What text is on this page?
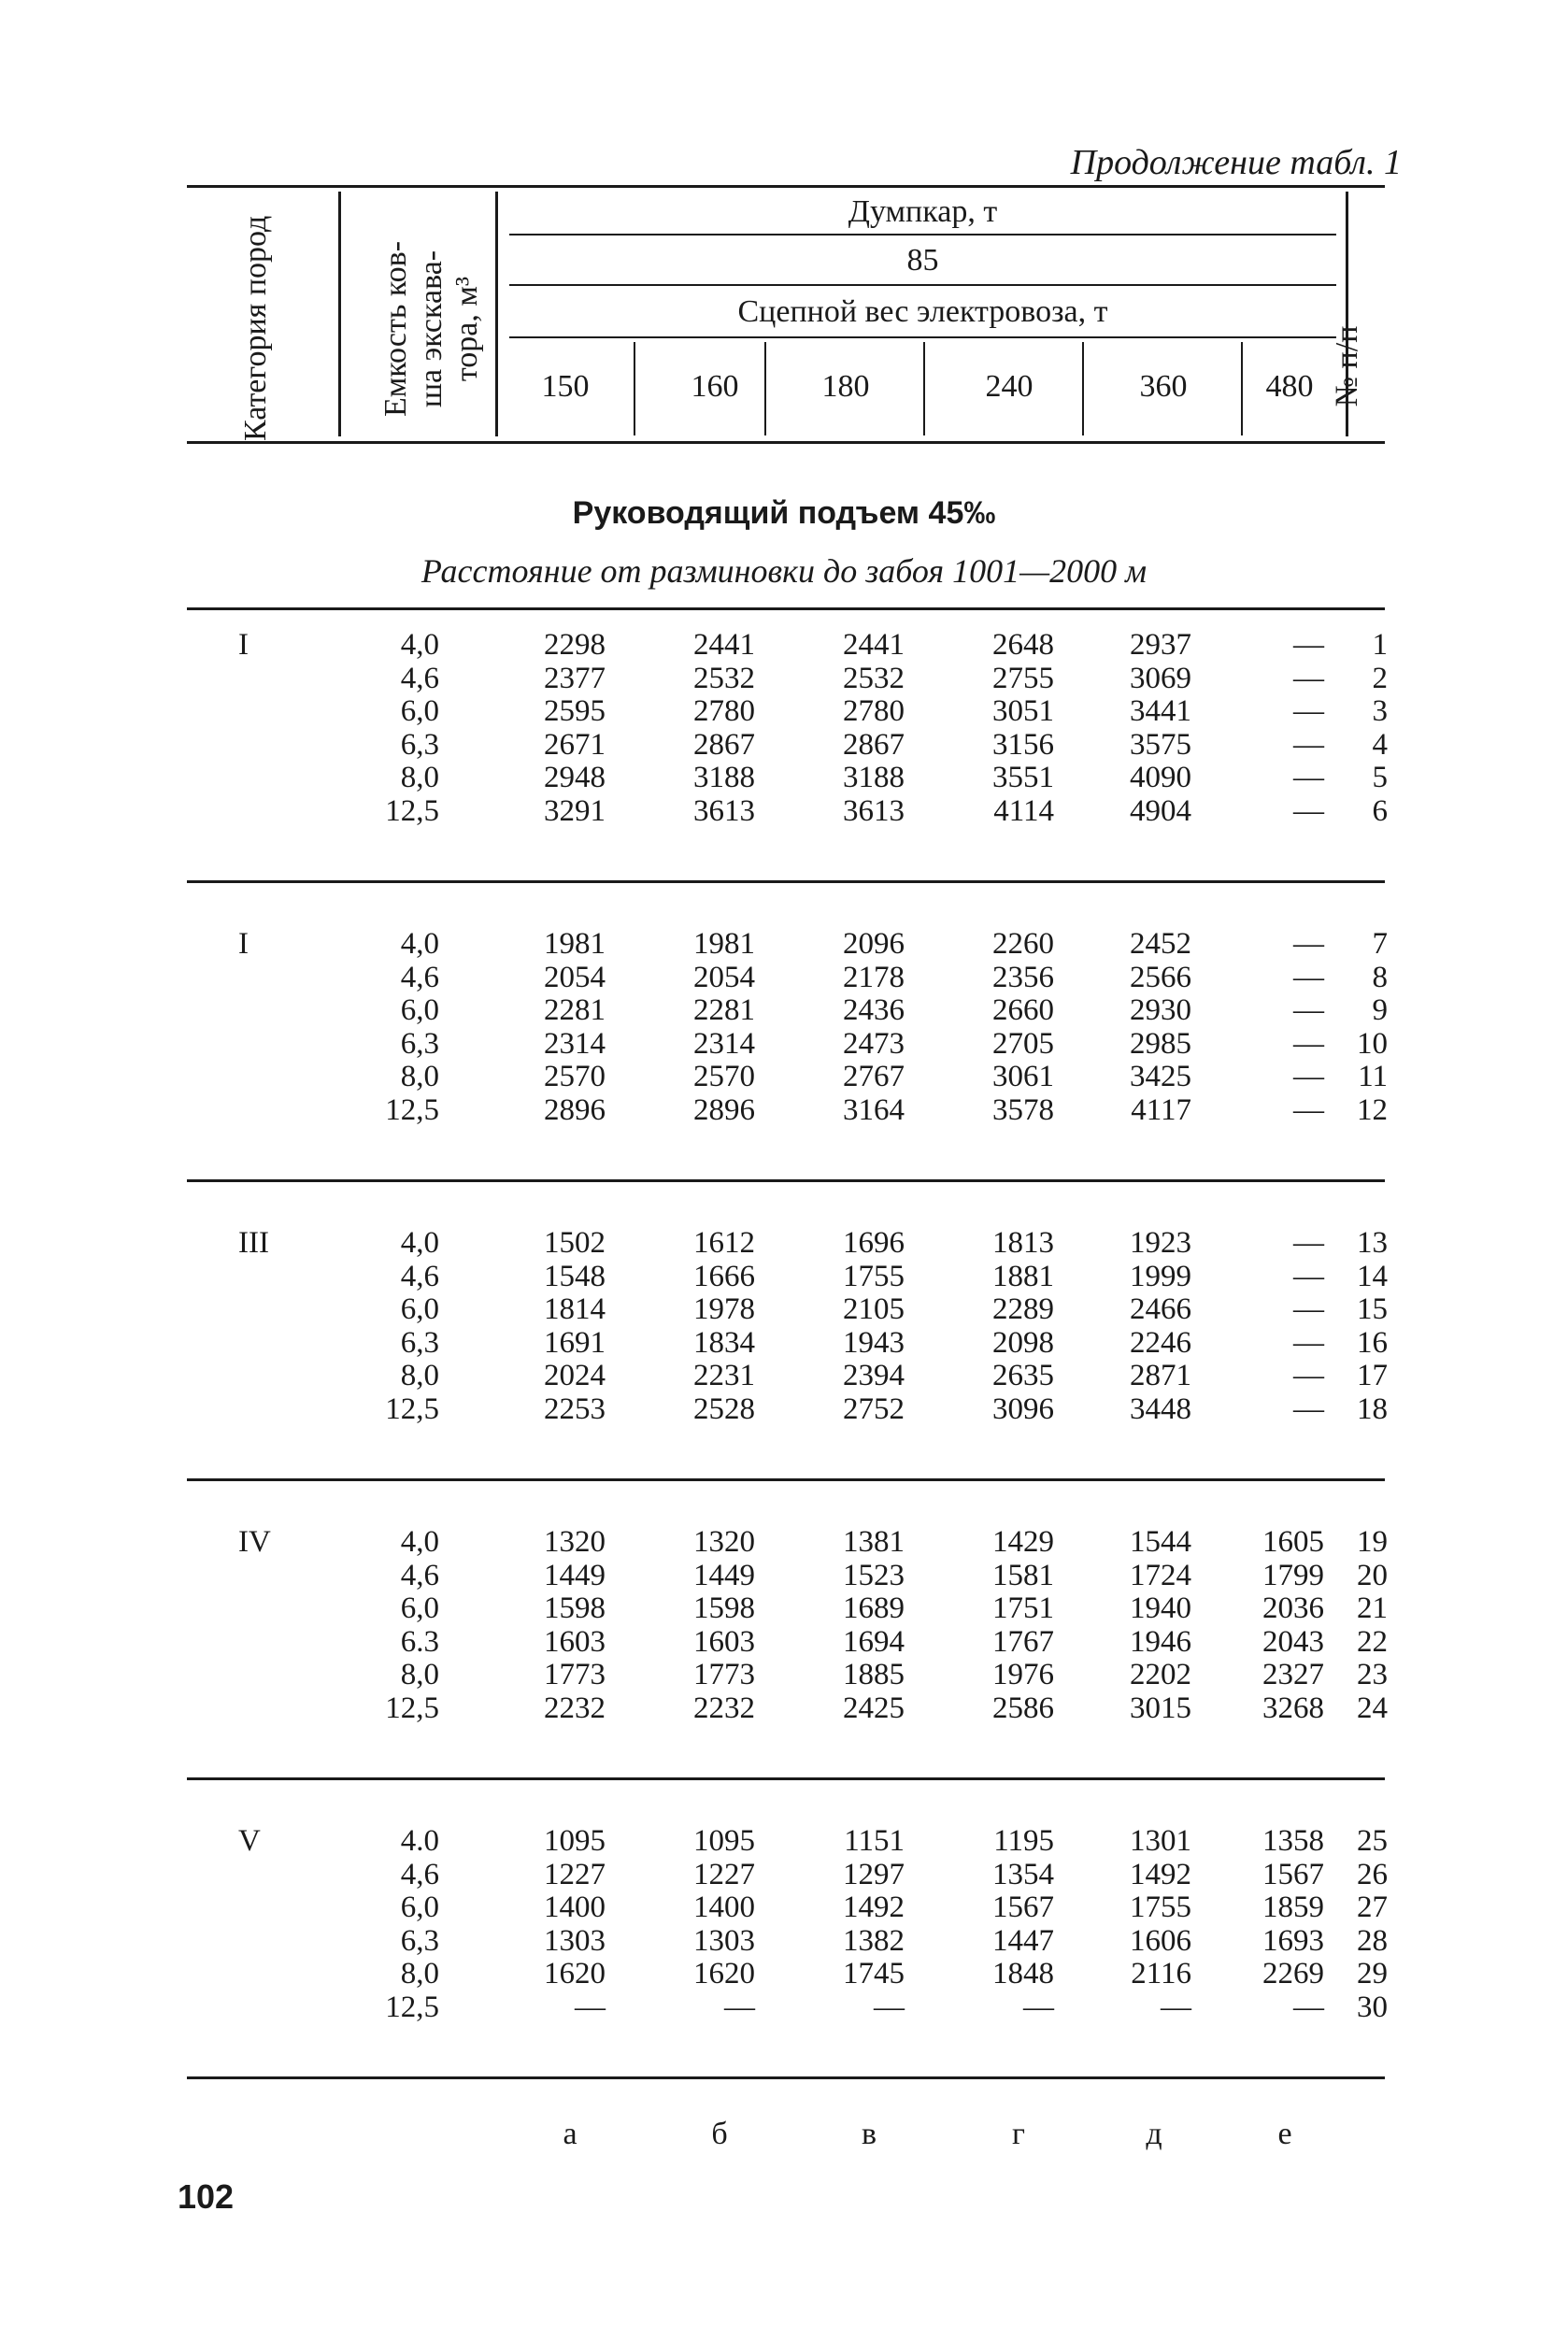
Продолжение табл. 1
Категория пород	Емкость ков- ша экскава- тора, м³	№ п/п
Думпкар, т
85
Сцепной вес электровоза, т
150	160	180	240	360	480
Руководящий подъем 45‰
Расстояние от разминовки до забоя 1001—2000 м
I	4,0	2298	2441	2441	2648	2937	—	1
4,6	2377	2532	2532	2755	3069	—	2
6,0	2595	2780	2780	3051	3441	—	3
6,3	2671	2867	2867	3156	3575	—	4
8,0	2948	3188	3188	3551	4090	—	5
12,5	3291	3613	3613	4114	4904	—	6
I	4,0	1981	1981	2096	2260	2452	—	7
4,6	2054	2054	2178	2356	2566	—	8
6,0	2281	2281	2436	2660	2930	—	9
6,3	2314	2314	2473	2705	2985	—	10
8,0	2570	2570	2767	3061	3425	—	11
12,5	2896	2896	3164	3578	4117	—	12
III	4,0	1502	1612	1696	1813	1923	—	13
4,6	1548	1666	1755	1881	1999	—	14
6,0	1814	1978	2105	2289	2466	—	15
6,3	1691	1834	1943	2098	2246	—	16
8,0	2024	2231	2394	2635	2871	—	17
12,5	2253	2528	2752	3096	3448	—	18
IV	4,0	1320	1320	1381	1429	1544	1605	19
4,6	1449	1449	1523	1581	1724	1799	20
6,0	1598	1598	1689	1751	1940	2036	21
6.3	1603	1603	1694	1767	1946	2043	22
8,0	1773	1773	1885	1976	2202	2327	23
12,5	2232	2232	2425	2586	3015	3268	24
V	4.0	1095	1095	1151	1195	1301	1358	25
4,6	1227	1227	1297	1354	1492	1567	26
6,0	1400	1400	1492	1567	1755	1859	27
6,3	1303	1303	1382	1447	1606	1693	28
8,0	1620	1620	1745	1848	2116	2269	29
12,5	—	—	—	—	—	—	30
а	б	в	г	д	е
102
